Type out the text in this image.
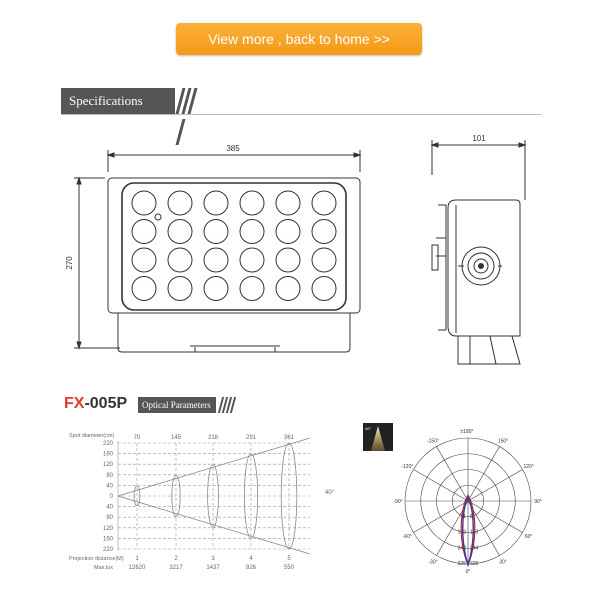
View more , back to home >>
Specifications
385
270
101
FX-005P	Optical Parameters
Spot diameter(cm)
Projection distance(M)
Max.lux
40°
220
160
120
80
40
0
40
80
120
160
220
70
1
12620
145
2
3217
218
3
1437
291
4
826
361
5
550
40°
-150°	150°
-120°	120°
-90°	90°
-60°	60°
-30°	30°
0°
81 81
163 163
244 244
325 325
±180°
